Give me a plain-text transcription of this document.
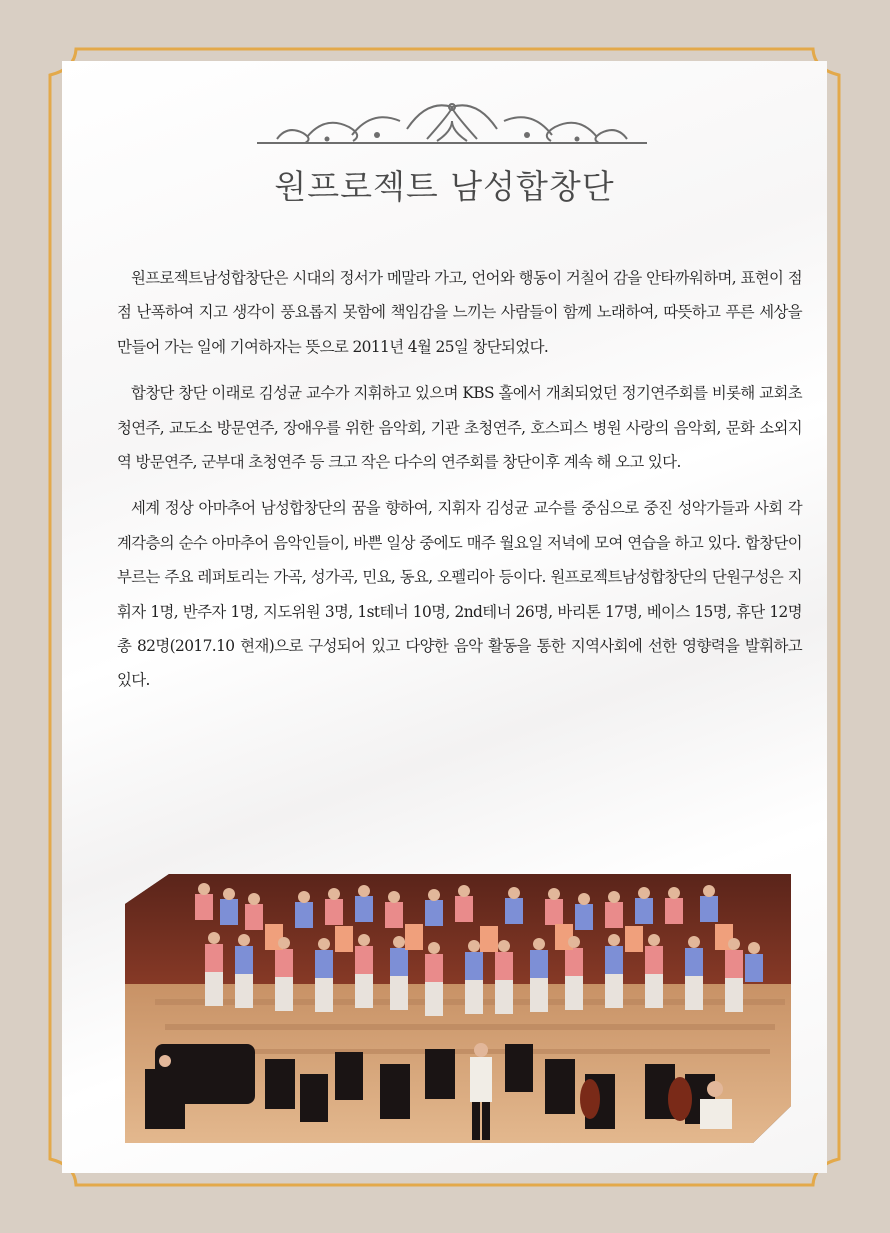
원프로젝트 남성합창단

원프로젝트남성합창단은 시대의 정서가 메말라 가고, 언어와 행동이 거칠어 감을 안타까워하며, 표현이 점점 난폭하여 지고 생각이 풍요롭지 못함에 책임감을 느끼는 사람들이 함께 노래하여, 따뜻하고 푸른 세상을 만들어 가는 일에 기여하자는 뜻으로 2011년 4월 25일 창단되었다.

합창단 창단 이래로 김성균 교수가 지휘하고 있으며 KBS 홀에서 개최되었던 정기연주회를 비롯해 교회초청연주, 교도소 방문연주, 장애우를 위한 음악회, 기관 초청연주, 호스피스 병원 사랑의 음악회, 문화 소외지역 방문연주, 군부대 초청연주 등 크고 작은 다수의 연주회를 창단이후 계속 해 오고 있다.

세계 정상 아마추어 남성합창단의 꿈을 향하여, 지휘자 김성균 교수를 중심으로 중진 성악가들과 사회 각계각층의 순수 아마추어 음악인들이, 바쁜 일상 중에도 매주 월요일 저녁에 모여 연습을 하고 있다. 합창단이 부르는 주요 레퍼토리는 가곡, 성가곡, 민요, 동요, 오펠리아 등이다. 원프로젝트남성합창단의 단원구성은 지휘자 1명, 반주자 1명, 지도위원 3명, 1st테너 10명, 2nd테너 26명, 바리톤 17명, 베이스 15명, 휴단 12명 총 82명(2017.10 현재)으로 구성되어 있고 다양한 음악 활동을 통한 지역사회에 선한 영향력을 발휘하고 있다.
